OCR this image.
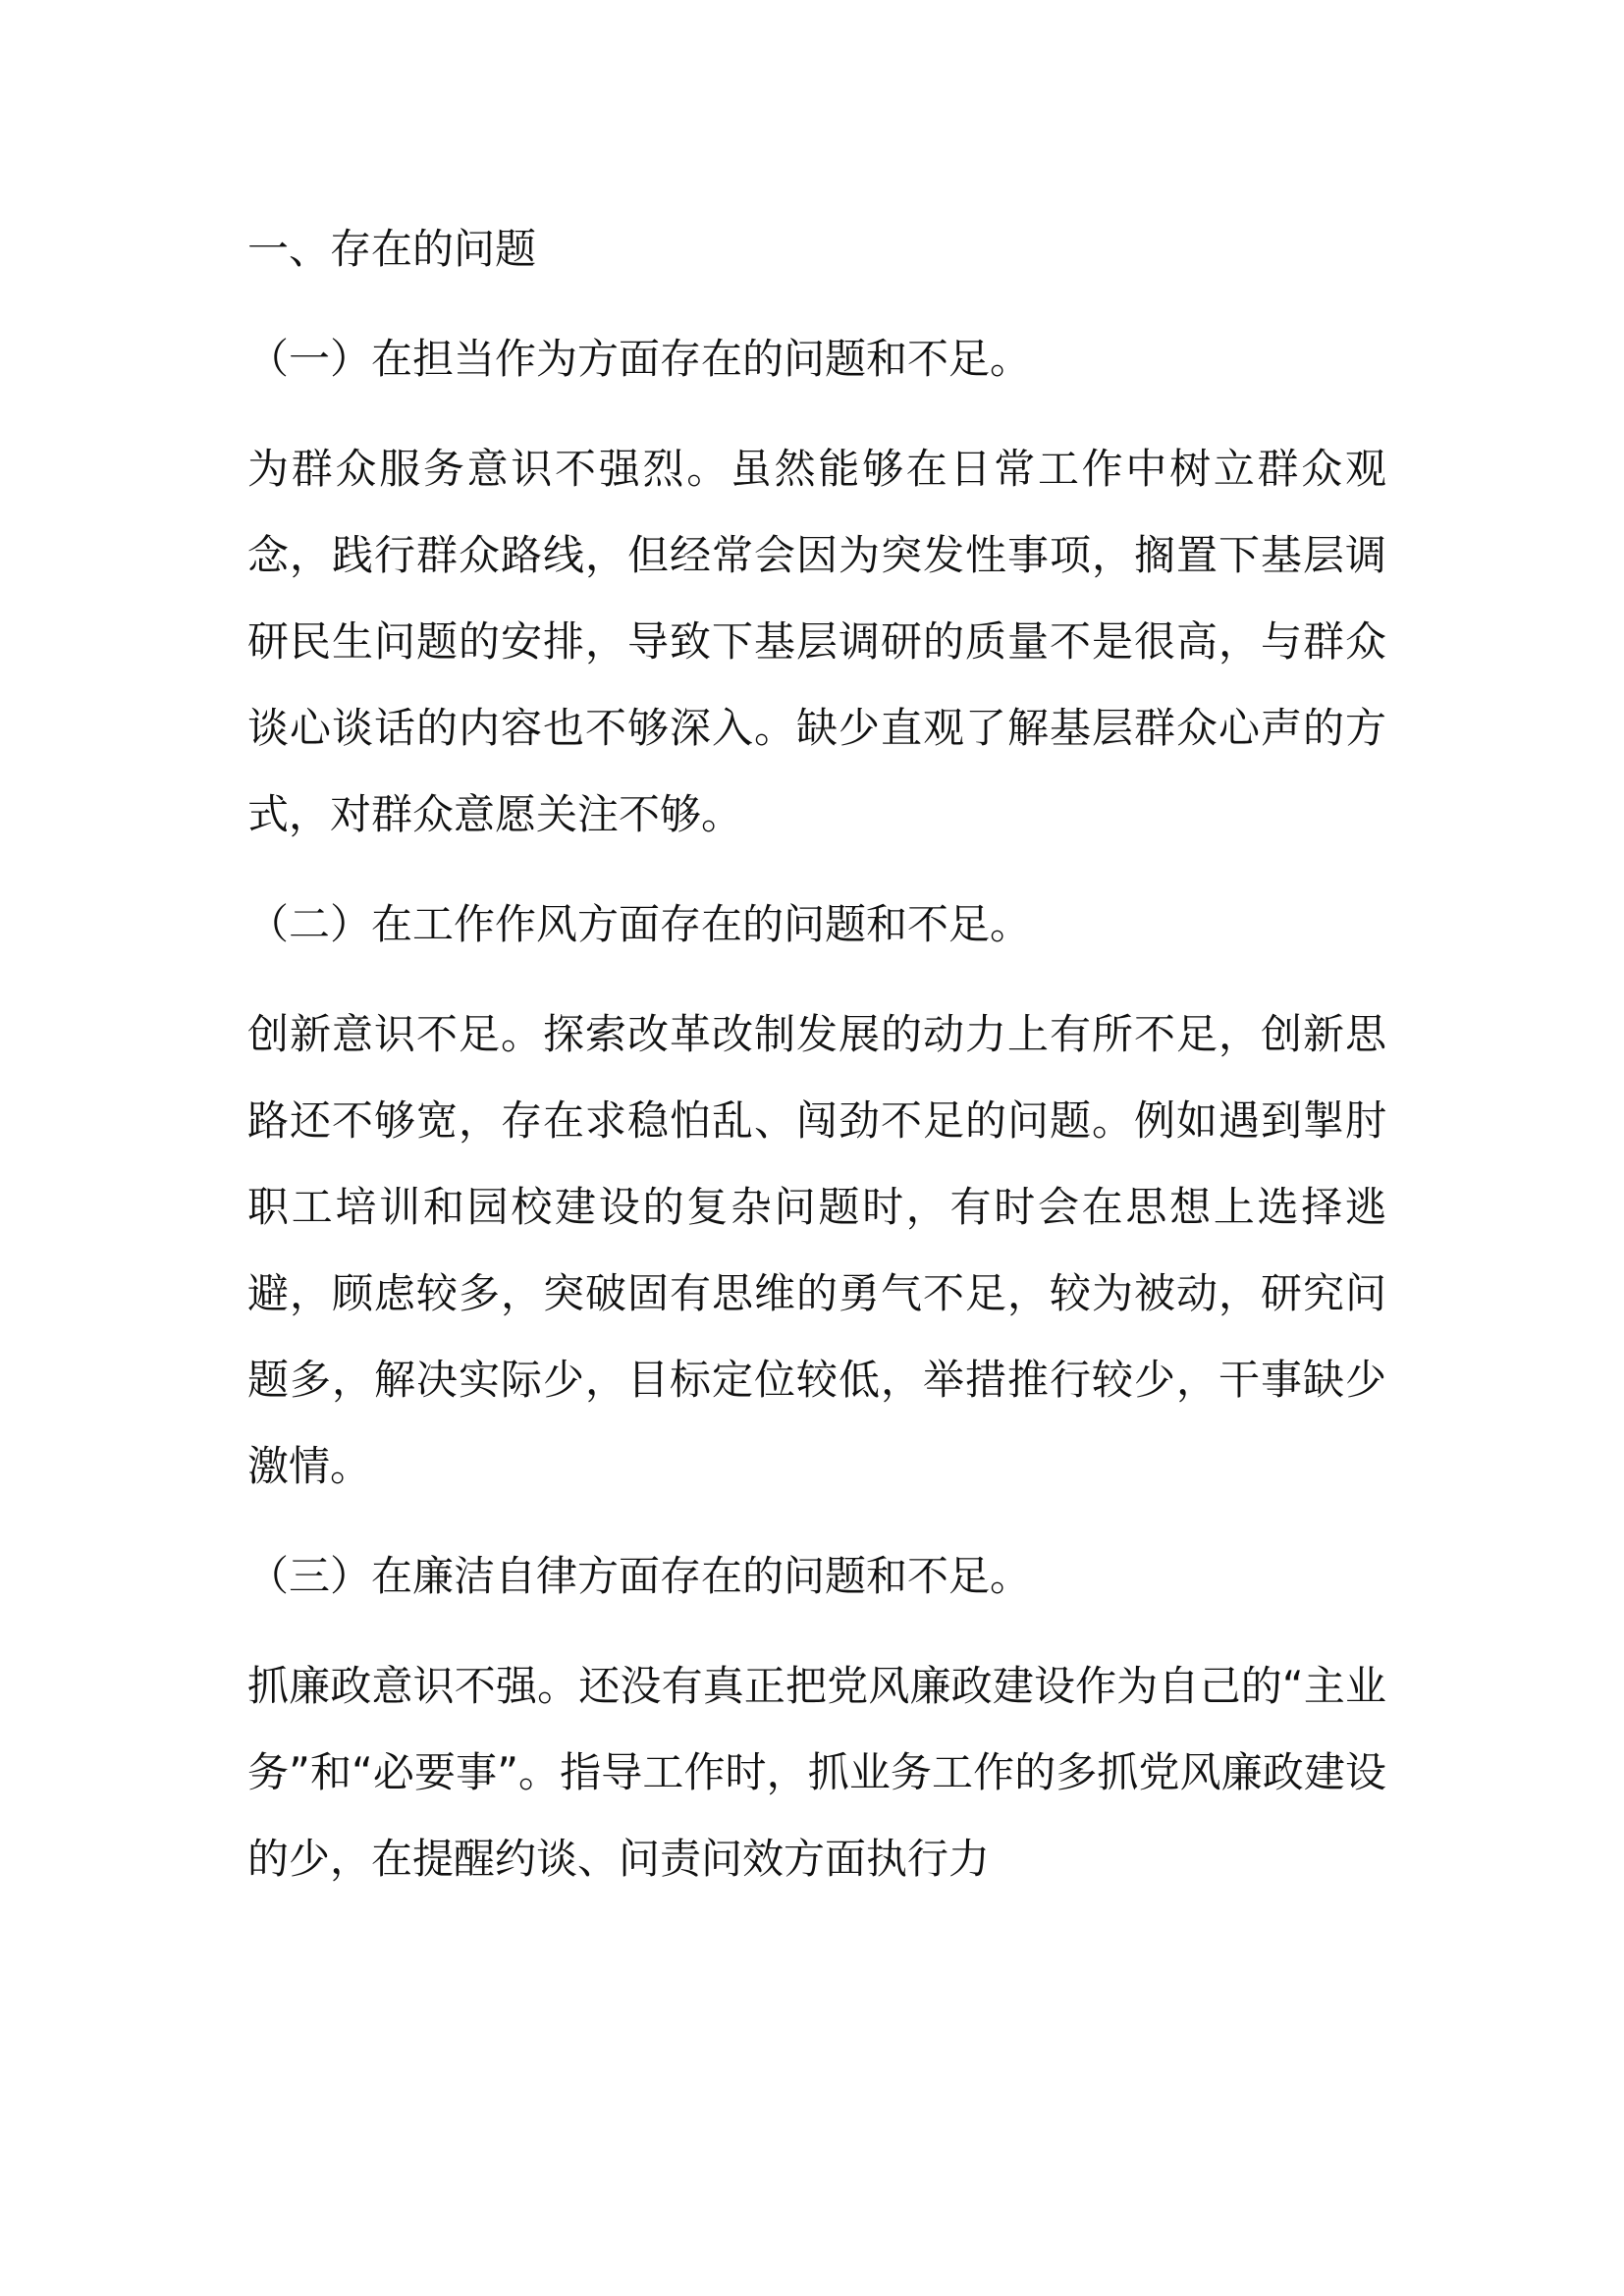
一、存在的问题
（一）在担当作为方面存在的问题和不足。
为群众服务意识不强烈。虽然能够在日常工作中树立群众观念，践行群众路线，但经常会因为突发性事项，搁置下基层调研民生问题的安排，导致下基层调研的质量不是很高，与群众谈心谈话的内容也不够深入。缺少直观了解基层群众心声的方式，对群众意愿关注不够。
（二）在工作作风方面存在的问题和不足。
创新意识不足。探索改革改制发展的动力上有所不足，创新思路还不够宽，存在求稳怕乱、闯劲不足的问题。例如遇到掣肘职工培训和园校建设的复杂问题时，有时会在思想上选择逃避，顾虑较多，突破固有思维的勇气不足，较为被动，研究问题多，解决实际少，目标定位较低，举措推行较少，干事缺少激情。
（三）在廉洁自律方面存在的问题和不足。
抓廉政意识不强。还没有真正把党风廉政建设作为自己的“主业务”和“必要事”。指导工作时，抓业务工作的多抓党风廉政建设的少，在提醒约谈、问责问效方面执行力
